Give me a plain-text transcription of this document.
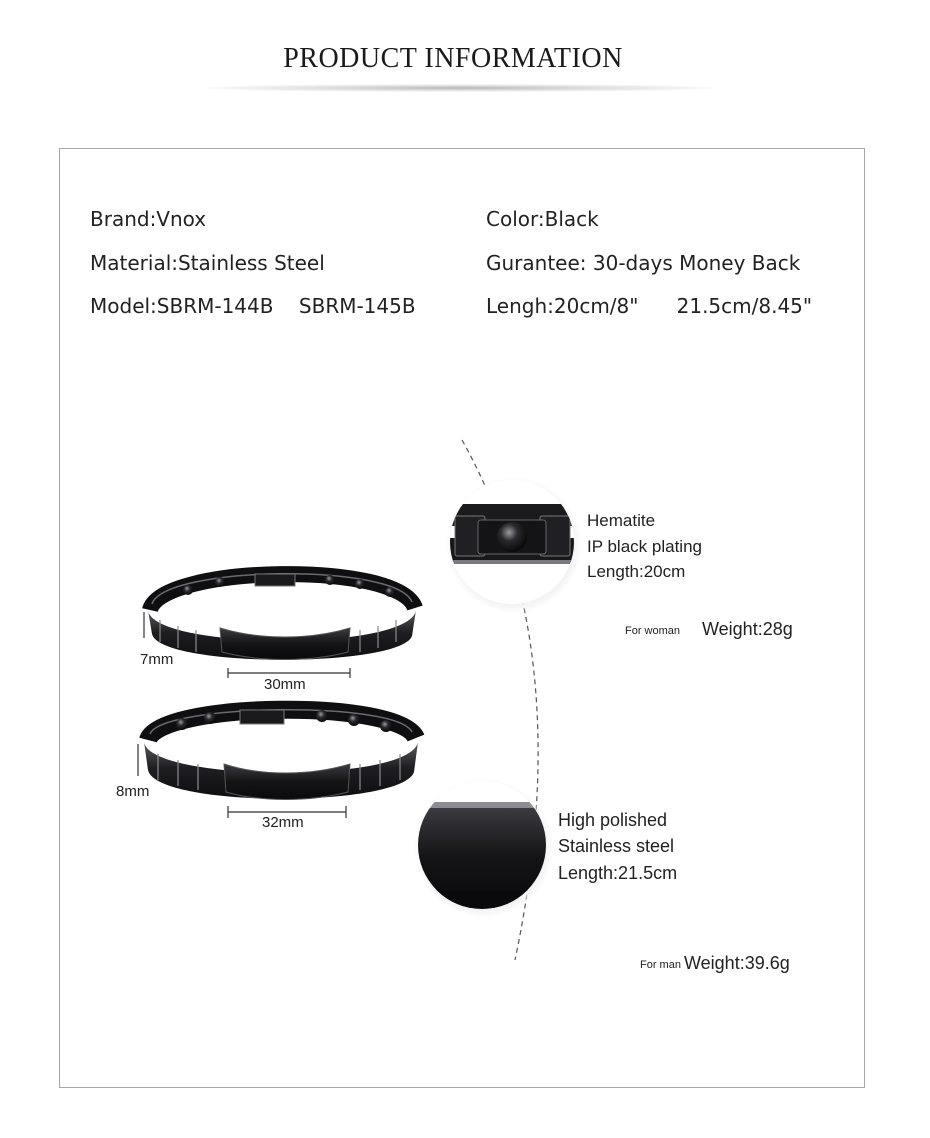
PRODUCT INFORMATION
Brand:Vnox
Material:Stainless Steel
Model:SBRM-144B    SBRM-145B
Color:Black
Gurantee: 30-days Money Back
Lengh:20cm/8"      21.5cm/8.45"
7mm
30mm
8mm
32mm
Hematite
IP black plating
Length:20cm
For woman Weight:28g
High polished
Stainless steel
Length:21.5cm
For man Weight:39.6g
